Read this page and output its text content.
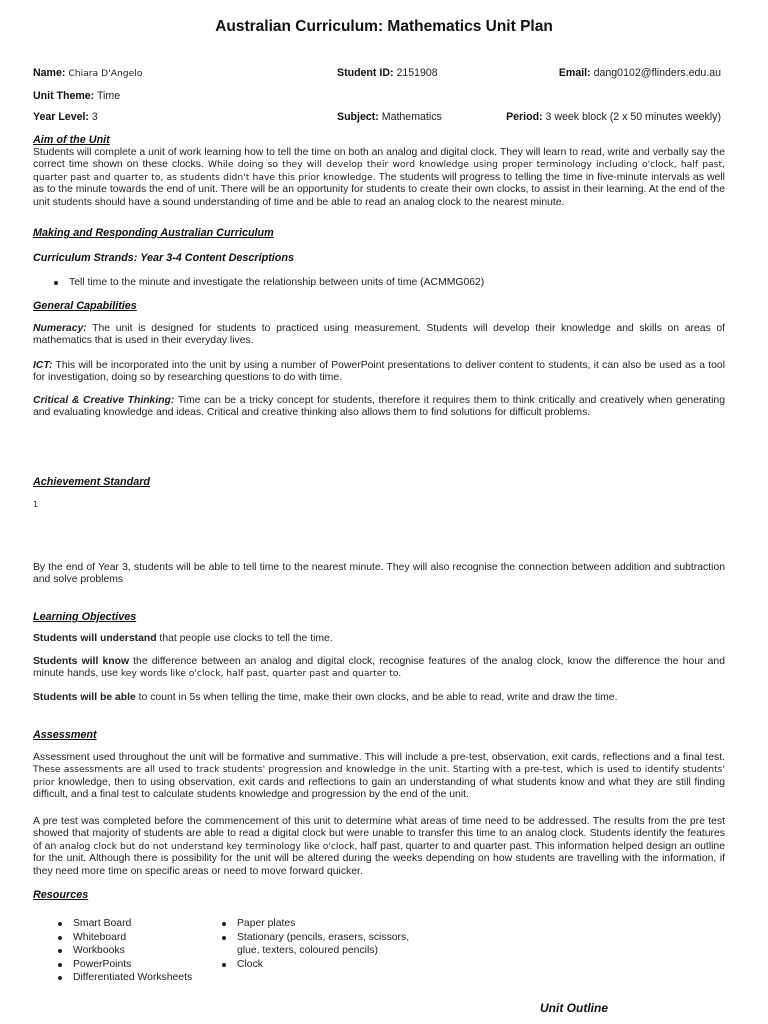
Australian Curriculum: Mathematics Unit Plan
Name: Chiara D'Angelo	Student ID: 2151908	Email: dang0102@flinders.edu.au
Unit Theme: Time
Year Level: 3	Subject: Mathematics	Period: 3 week block (2 x 50 minutes weekly)
Aim of the Unit
Students will complete a unit of work learning how to tell the time on both an analog and digital clock. They will learn to read, write and verbally say the correct time shown on these clocks. While doing so they will develop their word knowledge using proper terminology including o'clock, half past, quarter past and quarter to, as students didn't have this prior knowledge. The students will progress to telling the time in five-minute intervals as well as to the minute towards the end of unit. There will be an opportunity for students to create their own clocks, to assist in their learning. At the end of the unit students should have a sound understanding of time and be able to read an analog clock to the nearest minute.
Making and Responding Australian Curriculum
Curriculum Strands: Year 3-4 Content Descriptions
Tell time to the minute and investigate the relationship between units of time (ACMMG062)
General Capabilities
Numeracy: The unit is designed for students to practiced using measurement. Students will develop their knowledge and skills on areas of mathematics that is used in their everyday lives.
ICT: This will be incorporated into the unit by using a number of PowerPoint presentations to deliver content to students, it can also be used as a tool for investigation, doing so by researching questions to do with time.
Critical & Creative Thinking: Time can be a tricky concept for students, therefore it requires them to think critically and creatively when generating and evaluating knowledge and ideas. Critical and creative thinking also allows them to find solutions for difficult problems.
Achievement Standard
1
By the end of Year 3, students will be able to tell time to the nearest minute. They will also recognise the connection between addition and subtraction and solve problems
Learning Objectives
Students will understand that people use clocks to tell the time.
Students will know the difference between an analog and digital clock, recognise features of the analog clock, know the difference the hour and minute hands, use key words like o'clock, half past, quarter past and quarter to.
Students will be able to count in 5s when telling the time, make their own clocks, and be able to read, write and draw the time.
Assessment
Assessment used throughout the unit will be formative and summative. This will include a pre-test, observation, exit cards, reflections and a final test. These assessments are all used to track students' progression and knowledge in the unit. Starting with a pre-test, which is used to identify students' prior knowledge, then to using observation, exit cards and reflections to gain an understanding of what students know and what they are still finding difficult, and a final test to calculate students knowledge and progression by the end of the unit.
A pre test was completed before the commencement of this unit to determine what areas of time need to be addressed. The results from the pre test showed that majority of students are able to read a digital clock but were unable to transfer this time to an analog clock. Students identify the features of an analog clock but do not understand key terminology like o'clock, half past, quarter to and quarter past. This information helped design an outline for the unit. Although there is possibility for the unit will be altered during the weeks depending on how students are travelling with the information, if they need more time on specific areas or need to move forward quicker.
Resources
Smart Board
Whiteboard
Workbooks
PowerPoints
Differentiated Worksheets
Paper plates
Stationary (pencils, erasers, scissors, glue, texters, coloured pencils)
Clock
Unit Outline
